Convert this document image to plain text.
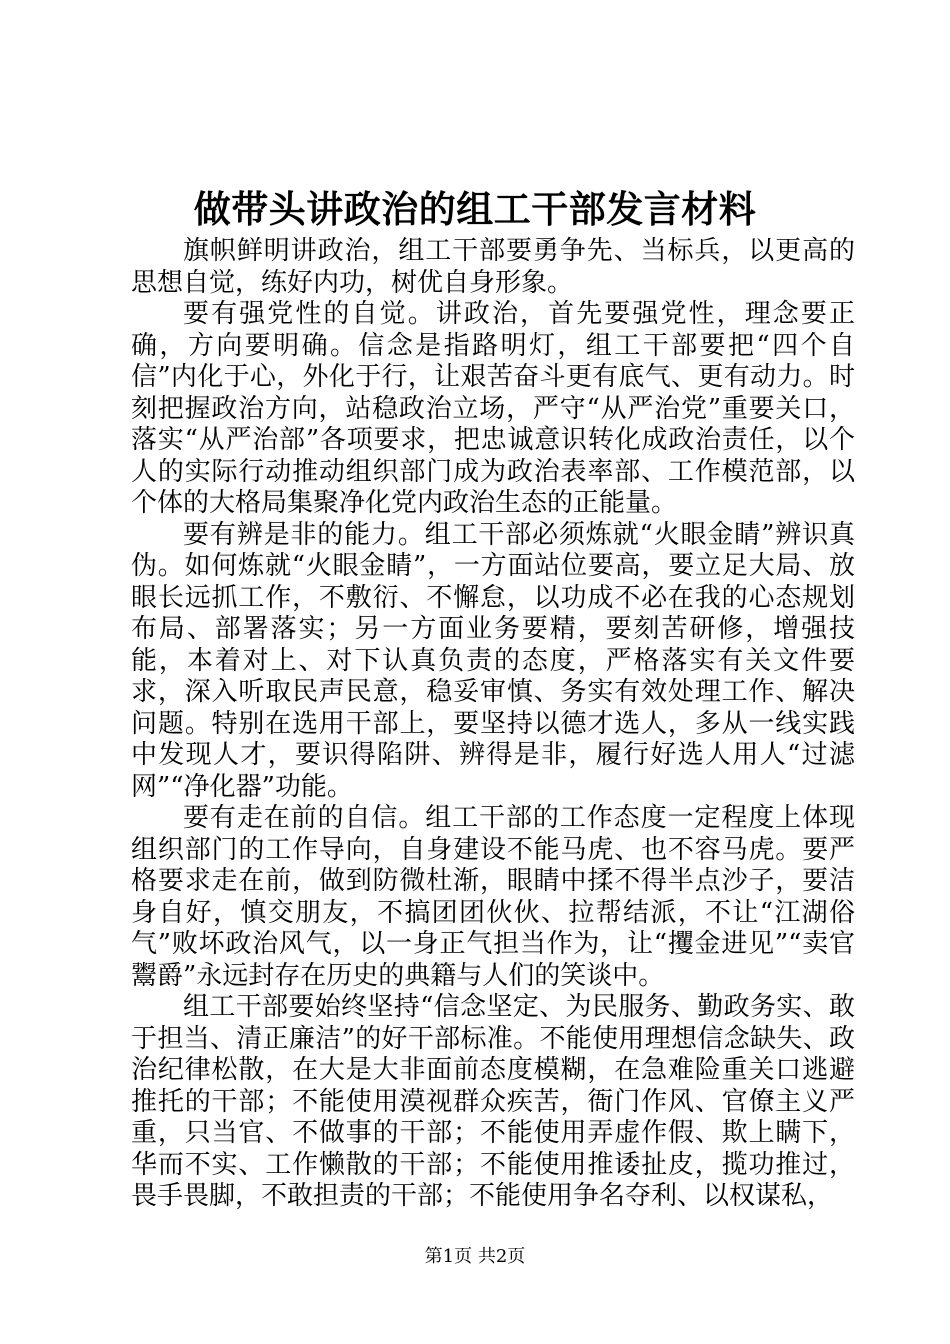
做带头讲政治的组工干部发言材料

旗帜鲜明讲政治，组工干部要勇争先、当标兵，以更高的思想自觉，练好内功，树优自身形象。

要有强党性的自觉。讲政治，首先要强党性，理念要正确，方向要明确。信念是指路明灯，组工干部要把“四个自信”内化于心，外化于行，让艰苦奋斗更有底气、更有动力。时刻把握政治方向，站稳政治立场，严守“从严治党”重要关口，落实“从严治部”各项要求，把忠诚意识转化成政治责任，以个人的实际行动推动组织部门成为政治表率部、工作模范部，以个体的大格局集聚净化党内政治生态的正能量。

要有辨是非的能力。组工干部必须炼就“火眼金睛”辨识真伪。如何炼就“火眼金睛”，一方面站位要高，要立足大局、放眼长远抓工作，不敷衍、不懈怠，以功成不必在我的心态规划布局、部署落实；另一方面业务要精，要刻苦研修，增强技能，本着对上、对下认真负责的态度，严格落实有关文件要求，深入听取民声民意，稳妥审慎、务实有效处理工作、解决问题。特别在选用干部上，要坚持以德才选人，多从一线实践中发现人才，要识得陷阱、辨得是非，履行好选人用人“过滤网”“净化器”功能。

要有走在前的自信。组工干部的工作态度一定程度上体现组织部门的工作导向，自身建设不能马虎、也不容马虎。要严格要求走在前，做到防微杜渐，眼睛中揉不得半点沙子，要洁身自好，慎交朋友，不搞团团伙伙、拉帮结派，不让“江湖俗气”败坏政治风气，以一身正气担当作为，让“攫金进见”“卖官鬻爵”永远封存在历史的典籍与人们的笑谈中。

组工干部要始终坚持“信念坚定、为民服务、勤政务实、敢于担当、清正廉洁”的好干部标准。不能使用理想信念缺失、政治纪律松散，在大是大非面前态度模糊，在急难险重关口逃避推托的干部；不能使用漠视群众疾苦，衙门作风、官僚主义严重，只当官、不做事的干部；不能使用弄虚作假、欺上瞒下，华而不实、工作懒散的干部；不能使用推诿扯皮，揽功推过，畏手畏脚，不敢担责的干部；不能使用争名夺利、以权谋私，

第1页 共2页
